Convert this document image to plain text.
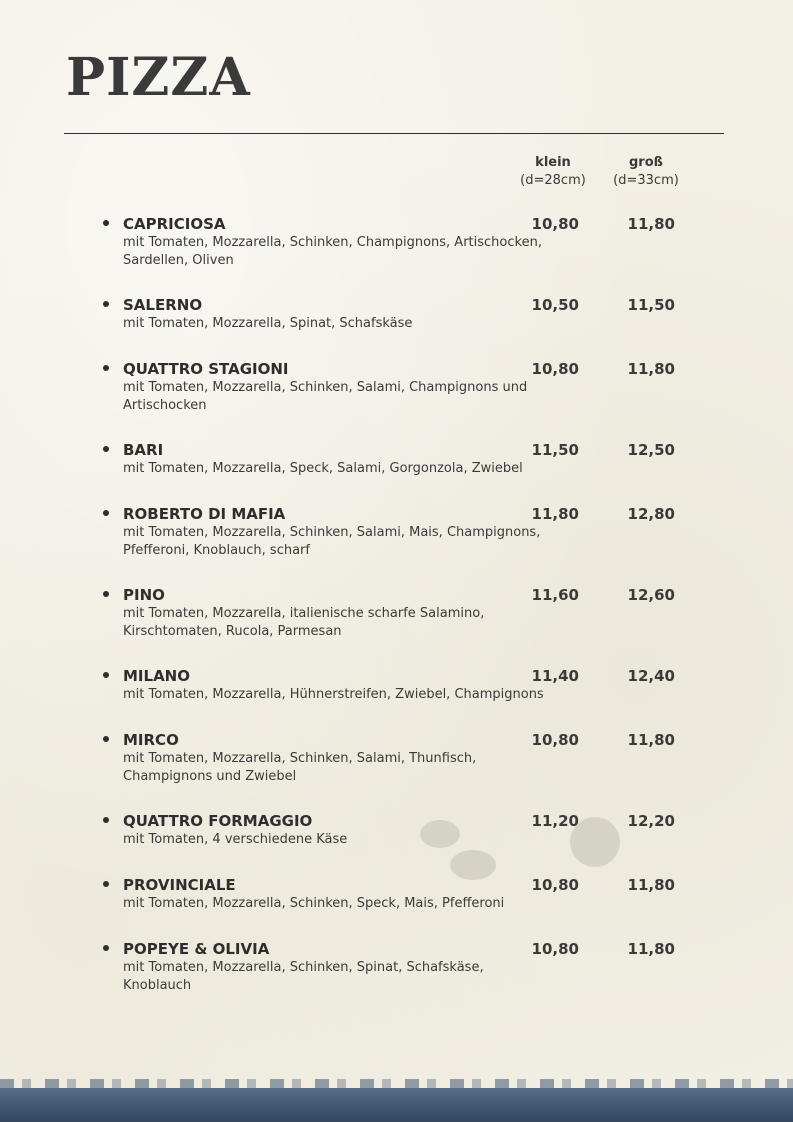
PIZZA
klein
(d=28cm)
groß
(d=33cm)
CAPRICIOSA	10,80	11,80
mit Tomaten, Mozzarella, Schinken, Champignons, Artischocken, Sardellen, Oliven
SALERNO	10,50	11,50
mit Tomaten, Mozzarella, Spinat, Schafskäse
QUATTRO STAGIONI	10,80	11,80
mit Tomaten, Mozzarella, Schinken, Salami, Champignons und Artischocken
BARI	11,50	12,50
mit Tomaten, Mozzarella, Speck, Salami, Gorgonzola, Zwiebel
ROBERTO DI MAFIA	11,80	12,80
mit Tomaten, Mozzarella, Schinken, Salami, Mais, Champignons, Pfefferoni, Knoblauch, scharf
PINO	11,60	12,60
mit Tomaten, Mozzarella, italienische scharfe Salamino, Kirschtomaten, Rucola, Parmesan
MILANO	11,40	12,40
mit Tomaten, Mozzarella, Hühnerstreifen, Zwiebel, Champignons
MIRCO	10,80	11,80
mit Tomaten, Mozzarella, Schinken, Salami, Thunfisch, Champignons und Zwiebel
QUATTRO FORMAGGIO	11,20	12,20
mit Tomaten, 4 verschiedene Käse
PROVINCIALE	10,80	11,80
mit Tomaten, Mozzarella, Schinken, Speck, Mais, Pfefferoni
POPEYE & OLIVIA	10,80	11,80
mit Tomaten, Mozzarella, Schinken, Spinat, Schafskäse, Knoblauch
